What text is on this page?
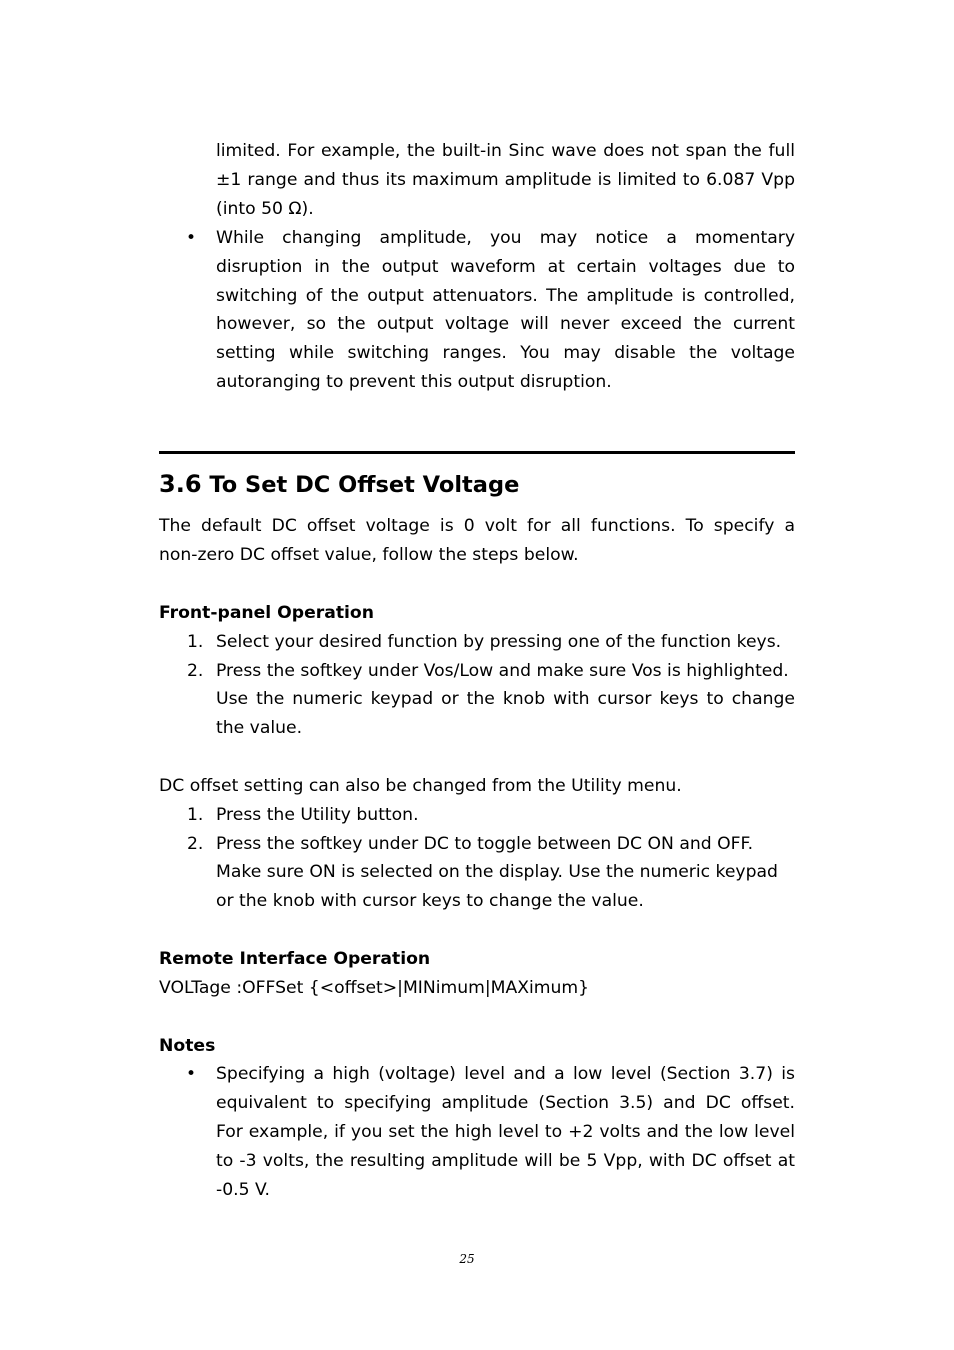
limited. For example, the built-in Sinc wave does not span the full
±1 range and thus its maximum amplitude is limited to 6.087 Vpp
(into 50 Ω).
• While changing amplitude, you may notice a momentary
disruption in the output waveform at certain voltages due to
switching of the output attenuators. The amplitude is controlled,
however, so the output voltage will never exceed the current
setting while switching ranges. You may disable the voltage
autoranging to prevent this output disruption.
3.6 To Set DC Offset Voltage
The default DC offset voltage is 0 volt for all functions. To specify a
non-zero DC offset value, follow the steps below.
Front-panel Operation
1. Select your desired function by pressing one of the function keys.
2. Press the softkey under Vos/Low and make sure Vos is highlighted.
Use the numeric keypad or the knob with cursor keys to change
the value.
DC offset setting can also be changed from the Utility menu.
1. Press the Utility button.
2. Press the softkey under DC to toggle between DC ON and OFF.
Make sure ON is selected on the display. Use the numeric keypad
or the knob with cursor keys to change the value.
Remote Interface Operation
VOLTage :OFFSet {<offset>|MINimum|MAXimum}
Notes
• Specifying a high (voltage) level and a low level (Section 3.7) is
equivalent to specifying amplitude (Section 3.5) and DC offset.
For example, if you set the high level to +2 volts and the low level
to -3 volts, the resulting amplitude will be 5 Vpp, with DC offset at
-0.5 V.
25
